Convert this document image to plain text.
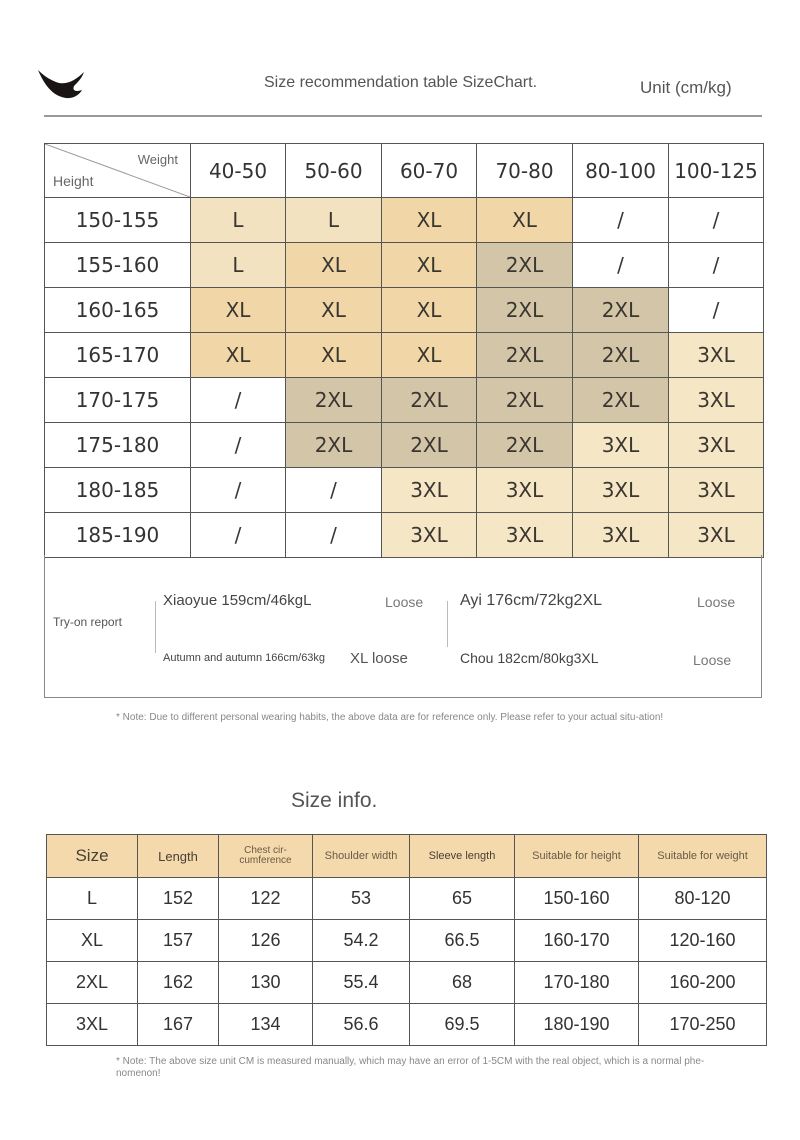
Size recommendation table SizeChart.	Unit (cm/kg)
Weight
Height	40-50	50-60	60-70	70-80	80-100	100-125
150-155	L	L	XL	XL	/	/
155-160	L	XL	XL	2XL	/	/
160-165	XL	XL	XL	2XL	2XL	/
165-170	XL	XL	XL	2XL	2XL	3XL
170-175	/	2XL	2XL	2XL	2XL	3XL
175-180	/	2XL	2XL	2XL	3XL	3XL
180-185	/	/	3XL	3XL	3XL	3XL
185-190	/	/	3XL	3XL	3XL	3XL
Try-on report
Xiaoyue 159cm/46kgL	Loose
Autumn and autumn 166cm/63kg XL loose
Ayi 176cm/72kg2XL	Loose
Chou 182cm/80kg3XL	Loose
* Note: Due to different personal wearing habits, the above data are for reference only. Please refer to your actual situ-ation!
Size info.
Size	Length	Chest cir-cumference	Shoulder width	Sleeve length	Suitable for height	Suitable for weight
L	152	122	53	65	150-160	80-120
XL	157	126	54.2	66.5	160-170	120-160
2XL	162	130	55.4	68	170-180	160-200
3XL	167	134	56.6	69.5	180-190	170-250
* Note: The above size unit CM is measured manually, which may have an error of 1-5CM with the real object, which is a normal phe-nomenon!
